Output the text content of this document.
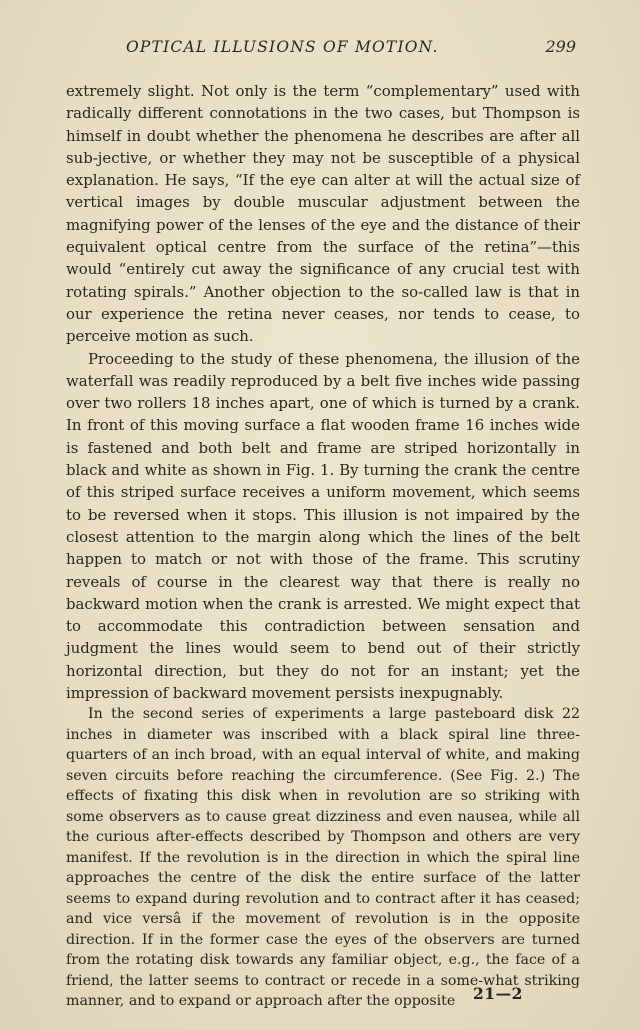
OPTICAL ILLUSIONS OF MOTION.	299

extremely slight. Not only is the term “complementary” used with radically different connotations in the two cases, but Thompson is himself in doubt whether the phenomena he describes are after all sub-jective, or whether they may not be susceptible of a physical explanation. He says, “If the eye can alter at will the actual size of vertical images by double muscular adjustment between the magnifying power of the lenses of the eye and the distance of their equivalent optical centre from the surface of the retina”—this would “entirely cut away the significance of any crucial test with rotating spirals.” Another objection to the so-called law is that in our experience the retina never ceases, nor tends to cease, to perceive motion as such.

Proceeding to the study of these phenomena, the illusion of the waterfall was readily reproduced by a belt five inches wide passing over two rollers 18 inches apart, one of which is turned by a crank. In front of this moving surface a flat wooden frame 16 inches wide is fastened and both belt and frame are striped horizontally in black and white as shown in Fig. 1. By turning the crank the centre of this striped surface receives a uniform movement, which seems to be reversed when it stops. This illusion is not impaired by the closest attention to the margin along which the lines of the belt happen to match or not with those of the frame. This scrutiny reveals of course in the clearest way that there is really no backward motion when the crank is arrested. We might expect that to accommodate this contradiction between sensation and judgment the lines would seem to bend out of their strictly horizontal direction, but they do not for an instant; yet the impression of backward movement persists inexpugnably.

In the second series of experiments a large pasteboard disk 22 inches in diameter was inscribed with a black spiral line three-quarters of an inch broad, with an equal interval of white, and making seven circuits before reaching the circumference. (See Fig. 2.) The effects of fixating this disk when in revolution are so striking with some observers as to cause great dizziness and even nausea, while all the curious after-effects described by Thompson and others are very manifest. If the revolution is in the direction in which the spiral line approaches the centre of the disk the entire surface of the latter seems to expand during revolution and to contract after it has ceased; and vice versâ if the movement of revolution is in the opposite direction. If in the former case the eyes of the observers are turned from the rotating disk towards any familiar object, e.g., the face of a friend, the latter seems to contract or recede in a some-what striking manner, and to expand or approach after the opposite	21—2
